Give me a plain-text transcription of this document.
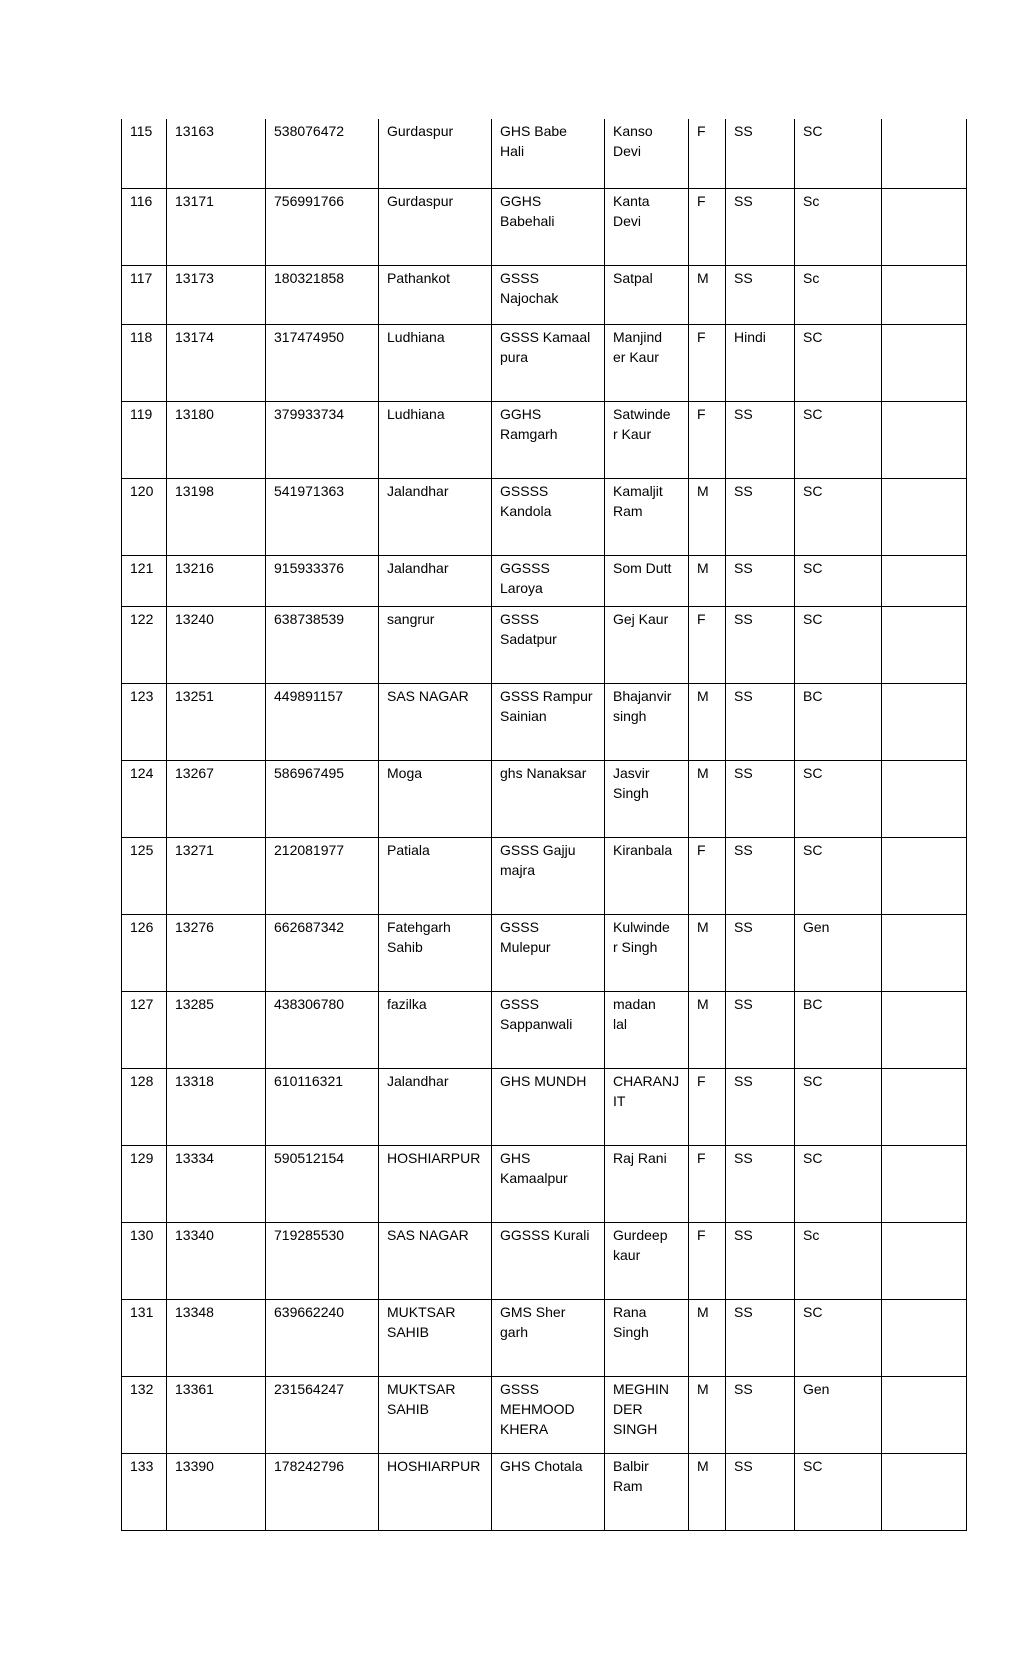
115	13163	538076472	Gurdaspur	GHS Babe
Hali	Kanso
Devi	F	SS	SC	
116	13171	756991766	Gurdaspur	GGHS
Babehali	Kanta
Devi	F	SS	Sc	
117	13173	180321858	Pathankot	GSSS
Najochak	Satpal	M	SS	Sc	
118	13174	317474950	Ludhiana	GSSS Kamaal
pura	Manjind
er Kaur	F	Hindi	SC	
119	13180	379933734	Ludhiana	GGHS
Ramgarh	Satwinde
r Kaur	F	SS	SC	
120	13198	541971363	Jalandhar	GSSSS
Kandola	Kamaljit
Ram	M	SS	SC	
121	13216	915933376	Jalandhar	GGSSS Laroya	Som Dutt	M	SS	SC	
122	13240	638738539	sangrur	GSSS
Sadatpur	Gej Kaur	F	SS	SC	
123	13251	449891157	SAS NAGAR	GSSS Rampur
Sainian	Bhajanvir
singh	M	SS	BC	
124	13267	586967495	Moga	ghs Nanaksar	Jasvir
Singh	M	SS	SC	
125	13271	212081977	Patiala	GSSS Gajju
majra	Kiranbala	F	SS	SC	
126	13276	662687342	Fatehgarh
Sahib	GSSS
Mulepur	Kulwinde
r Singh	M	SS	Gen	
127	13285	438306780	fazilka	GSSS
Sappanwali	madan
lal	M	SS	BC	
128	13318	610116321	Jalandhar	GHS MUNDH	CHARANJ
IT	F	SS	SC	
129	13334	590512154	HOSHIARPUR	GHS
Kamaalpur	Raj Rani	F	SS	SC	
130	13340	719285530	SAS NAGAR	GGSSS Kurali	Gurdeep
kaur	F	SS	Sc	
131	13348	639662240	MUKTSAR
SAHIB	GMS Sher
garh	Rana
Singh	M	SS	SC	
132	13361	231564247	MUKTSAR
SAHIB	GSSS
MEHMOOD
KHERA	MEGHIN
DER
SINGH	M	SS	Gen	
133	13390	178242796	HOSHIARPUR	GHS Chotala	Balbir
Ram	M	SS	SC	
